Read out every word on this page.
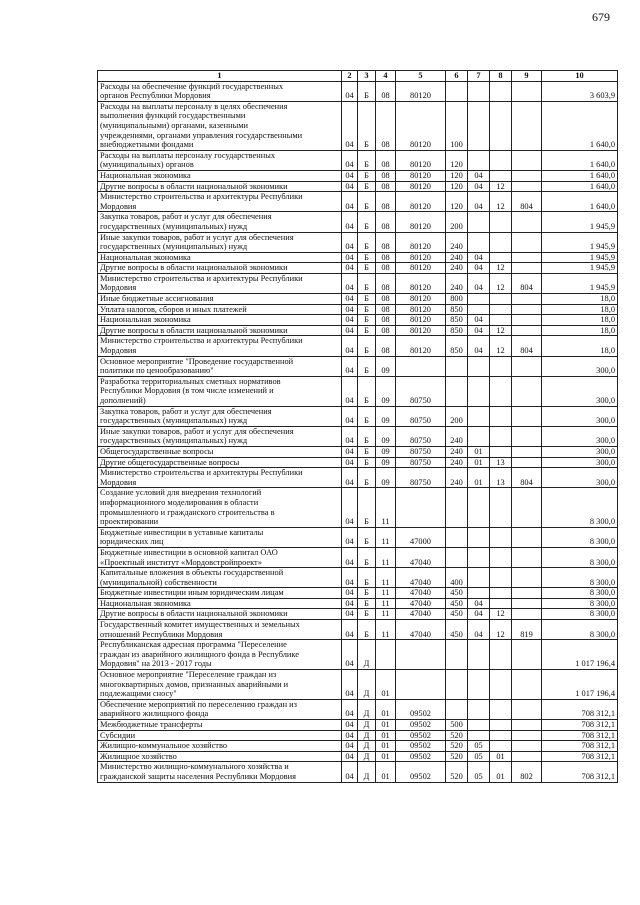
679
1	2	3	4	5	6	7	8	9	10
Расходы на обеспечение функций государственных
органов Республики Мордовия	04	Б	08	80120					3 603,9
Расходы на выплаты персоналу в целях обеспечения
выполнения функций государственными
(муниципальными) органами, казенными
учреждениями, органами управления государственными
внебюджетными фондами	04	Б	08	80120	100				1 640,0
Расходы на выплаты персоналу государственных
(муниципальных) органов	04	Б	08	80120	120				1 640,0
Национальная экономика	04	Б	08	80120	120	04			1 640,0
Другие вопросы в области национальной экономики	04	Б	08	80120	120	04	12		1 640,0
Министерство строительства и архитектуры Республики
Мордовия	04	Б	08	80120	120	04	12	804	1 640,0
Закупка товаров, работ и услуг для обеспечения
государственных (муниципальных) нужд	04	Б	08	80120	200				1 945,9
Иные закупки товаров, работ и услуг для обеспечения
государственных (муниципальных) нужд	04	Б	08	80120	240				1 945,9
Национальная экономика	04	Б	08	80120	240	04			1 945,9
Другие вопросы в области национальной экономики	04	Б	08	80120	240	04	12		1 945,9
Министерство строительства и архитектуры Республики
Мордовия	04	Б	08	80120	240	04	12	804	1 945,9
Иные бюджетные ассигнования	04	Б	08	80120	800				18,0
Уплата налогов, сборов и иных платежей	04	Б	08	80120	850				18,0
Национальная экономика	04	Б	08	80120	850	04			18,0
Другие вопросы в области национальной экономики	04	Б	08	80120	850	04	12		18,0
Министерство строительства и архитектуры Республики
Мордовия	04	Б	08	80120	850	04	12	804	18,0
Основное мероприятие "Проведение государственной
политики по ценообразованию"	04	Б	09						300,0
Разработка территориальных сметных нормативов
Республики Мордовия (в том числе изменений и
дополнений)	04	Б	09	80750					300,0
Закупка товаров, работ и услуг для обеспечения
государственных (муниципальных) нужд	04	Б	09	80750	200				300,0
Иные закупки товаров, работ и услуг для обеспечения
государственных (муниципальных) нужд	04	Б	09	80750	240				300,0
Общегосударственные вопросы	04	Б	09	80750	240	01			300,0
Другие общегосударственные вопросы	04	Б	09	80750	240	01	13		300,0
Министерство строительства и архитектуры Республики
Мордовия	04	Б	09	80750	240	01	13	804	300,0
Создание условий для внедрения технологий
информационного моделирования в области
промышленного и гражданского строительства в
проектировании	04	Б	11						8 300,0
Бюджетные инвестиции в уставные капиталы
юридических лиц	04	Б	11	47000					8 300,0
Бюджетные инвестиции в основной капитал ОАО
«Проектный институт «Мордовстройпроект»	04	Б	11	47040					8 300,0
Капитальные вложения в объекты государственной
(муниципальной) собственности	04	Б	11	47040	400				8 300,0
Бюджетные инвестиции иным юридическим лицам	04	Б	11	47040	450				8 300,0
Национальная экономика	04	Б	11	47040	450	04			8 300,0
Другие вопросы в области национальной экономики	04	Б	11	47040	450	04	12		8 300,0
Государственный комитет имущественных и земельных
отношений Республики Мордовия	04	Б	11	47040	450	04	12	819	8 300,0
Республиканская адресная программа "Переселение
граждан из аварийного жилищного фонда в Республике
Мордовия" на 2013 - 2017 годы	04	Д							1 017 196,4
Основное мероприятие "Переселение граждан из
многоквартирных домов, признанных аварийными и
подлежащими сносу"	04	Д	01						1 017 196,4
Обеспечение мероприятий по переселению граждан из
аварийного жилищного фонда	04	Д	01	09502					708 312,1
Межбюджетные трансферты	04	Д	01	09502	500				708 312,1
Субсидии	04	Д	01	09502	520				708 312,1
Жилищно-коммунальное хозяйство	04	Д	01	09502	520	05			708 312,1
Жилищное хозяйство	04	Д	01	09502	520	05	01		708 312,1
Министерство жилищно-коммунального хозяйства и
гражданской защиты населения Республики Мордовия	04	Д	01	09502	520	05	01	802	708 312,1
